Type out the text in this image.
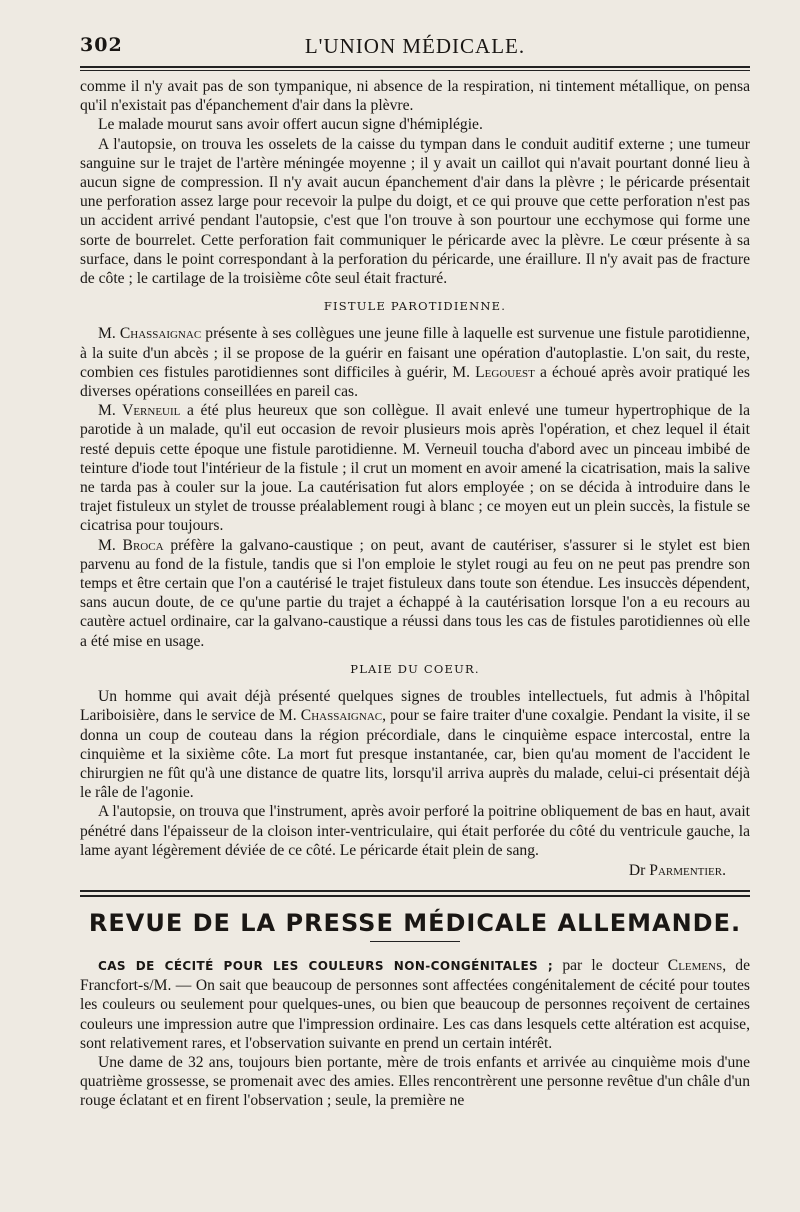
302	L'UNION MÉDICALE.

comme il n'y avait pas de son tympanique, ni absence de la respiration, ni tintement métallique, on pensa qu'il n'existait pas d'épanchement d'air dans la plèvre.

Le malade mourut sans avoir offert aucun signe d'hémiplégie.

A l'autopsie, on trouva les osselets de la caisse du tympan dans le conduit auditif externe ; une tumeur sanguine sur le trajet de l'artère méningée moyenne ; il y avait un caillot qui n'avait pourtant donné lieu à aucun signe de compression. Il n'y avait aucun épanchement d'air dans la plèvre ; le péricarde présentait une perforation assez large pour recevoir la pulpe du doigt, et ce qui prouve que cette perforation n'est pas un accident arrivé pendant l'autopsie, c'est que l'on trouve à son pourtour une ecchymose qui forme une sorte de bourrelet. Cette perforation fait communiquer le péricarde avec la plèvre. Le cœur présente à sa surface, dans le point correspondant à la perforation du péricarde, une éraillure. Il n'y avait pas de fracture de côte ; le cartilage de la troisième côte seul était fracturé.

FISTULE PAROTIDIENNE.

M. Chassaignac présente à ses collègues une jeune fille à laquelle est survenue une fistule parotidienne, à la suite d'un abcès ; il se propose de la guérir en faisant une opération d'autoplastie. L'on sait, du reste, combien ces fistules parotidiennes sont difficiles à guérir, M. Legouest a échoué après avoir pratiqué les diverses opérations conseillées en pareil cas.

M. Verneuil a été plus heureux que son collègue. Il avait enlevé une tumeur hypertrophique de la parotide à un malade, qu'il eut occasion de revoir plusieurs mois après l'opération, et chez lequel il était resté depuis cette époque une fistule parotidienne. M. Verneuil toucha d'abord avec un pinceau imbibé de teinture d'iode tout l'intérieur de la fistule ; il crut un moment en avoir amené la cicatrisation, mais la salive ne tarda pas à couler sur la joue. La cautérisation fut alors employée ; on se décida à introduire dans le trajet fistuleux un stylet de trousse préalablement rougi à blanc ; ce moyen eut un plein succès, la fistule se cicatrisa pour toujours.

M. Broca préfère la galvano-caustique ; on peut, avant de cautériser, s'assurer si le stylet est bien parvenu au fond de la fistule, tandis que si l'on emploie le stylet rougi au feu on ne peut pas prendre son temps et être certain que l'on a cautérisé le trajet fistuleux dans toute son étendue. Les insuccès dépendent, sans aucun doute, de ce qu'une partie du trajet a échappé à la cautérisation lorsque l'on a eu recours au cautère actuel ordinaire, car la galvano-caustique a réussi dans tous les cas de fistules parotidiennes où elle a été mise en usage.

PLAIE DU COEUR.

Un homme qui avait déjà présenté quelques signes de troubles intellectuels, fut admis à l'hôpital Lariboisière, dans le service de M. Chassaignac, pour se faire traiter d'une coxalgie. Pendant la visite, il se donna un coup de couteau dans la région précordiale, dans le cinquième espace intercostal, entre la cinquième et la sixième côte. La mort fut presque instantanée, car, bien qu'au moment de l'accident le chirurgien ne fût qu'à une distance de quatre lits, lorsqu'il arriva auprès du malade, celui-ci présentait déjà le râle de l'agonie.

A l'autopsie, on trouva que l'instrument, après avoir perforé la poitrine obliquement de bas en haut, avait pénétré dans l'épaisseur de la cloison inter-ventriculaire, qui était perforée du côté du ventricule gauche, la lame ayant légèrement déviée de ce côté. Le péricarde était plein de sang.

Dr Parmentier.
REVUE DE LA PRESSE MÉDICALE ALLEMANDE.

CAS DE CÉCITÉ POUR LES COULEURS NON-CONGÉNITALES ; par le docteur Clemens, de Francfort-s/M. — On sait que beaucoup de personnes sont affectées congénitalement de cécité pour toutes les couleurs ou seulement pour quelques-unes, ou bien que beaucoup de personnes reçoivent de certaines couleurs une impression autre que l'impression ordinaire. Les cas dans lesquels cette altération est acquise, sont relativement rares, et l'observation suivante en prend un certain intérêt.

Une dame de 32 ans, toujours bien portante, mère de trois enfants et arrivée au cinquième mois d'une quatrième grossesse, se promenait avec des amies. Elles rencontrèrent une personne revêtue d'un châle d'un rouge éclatant et en firent l'observation ; seule, la première ne
